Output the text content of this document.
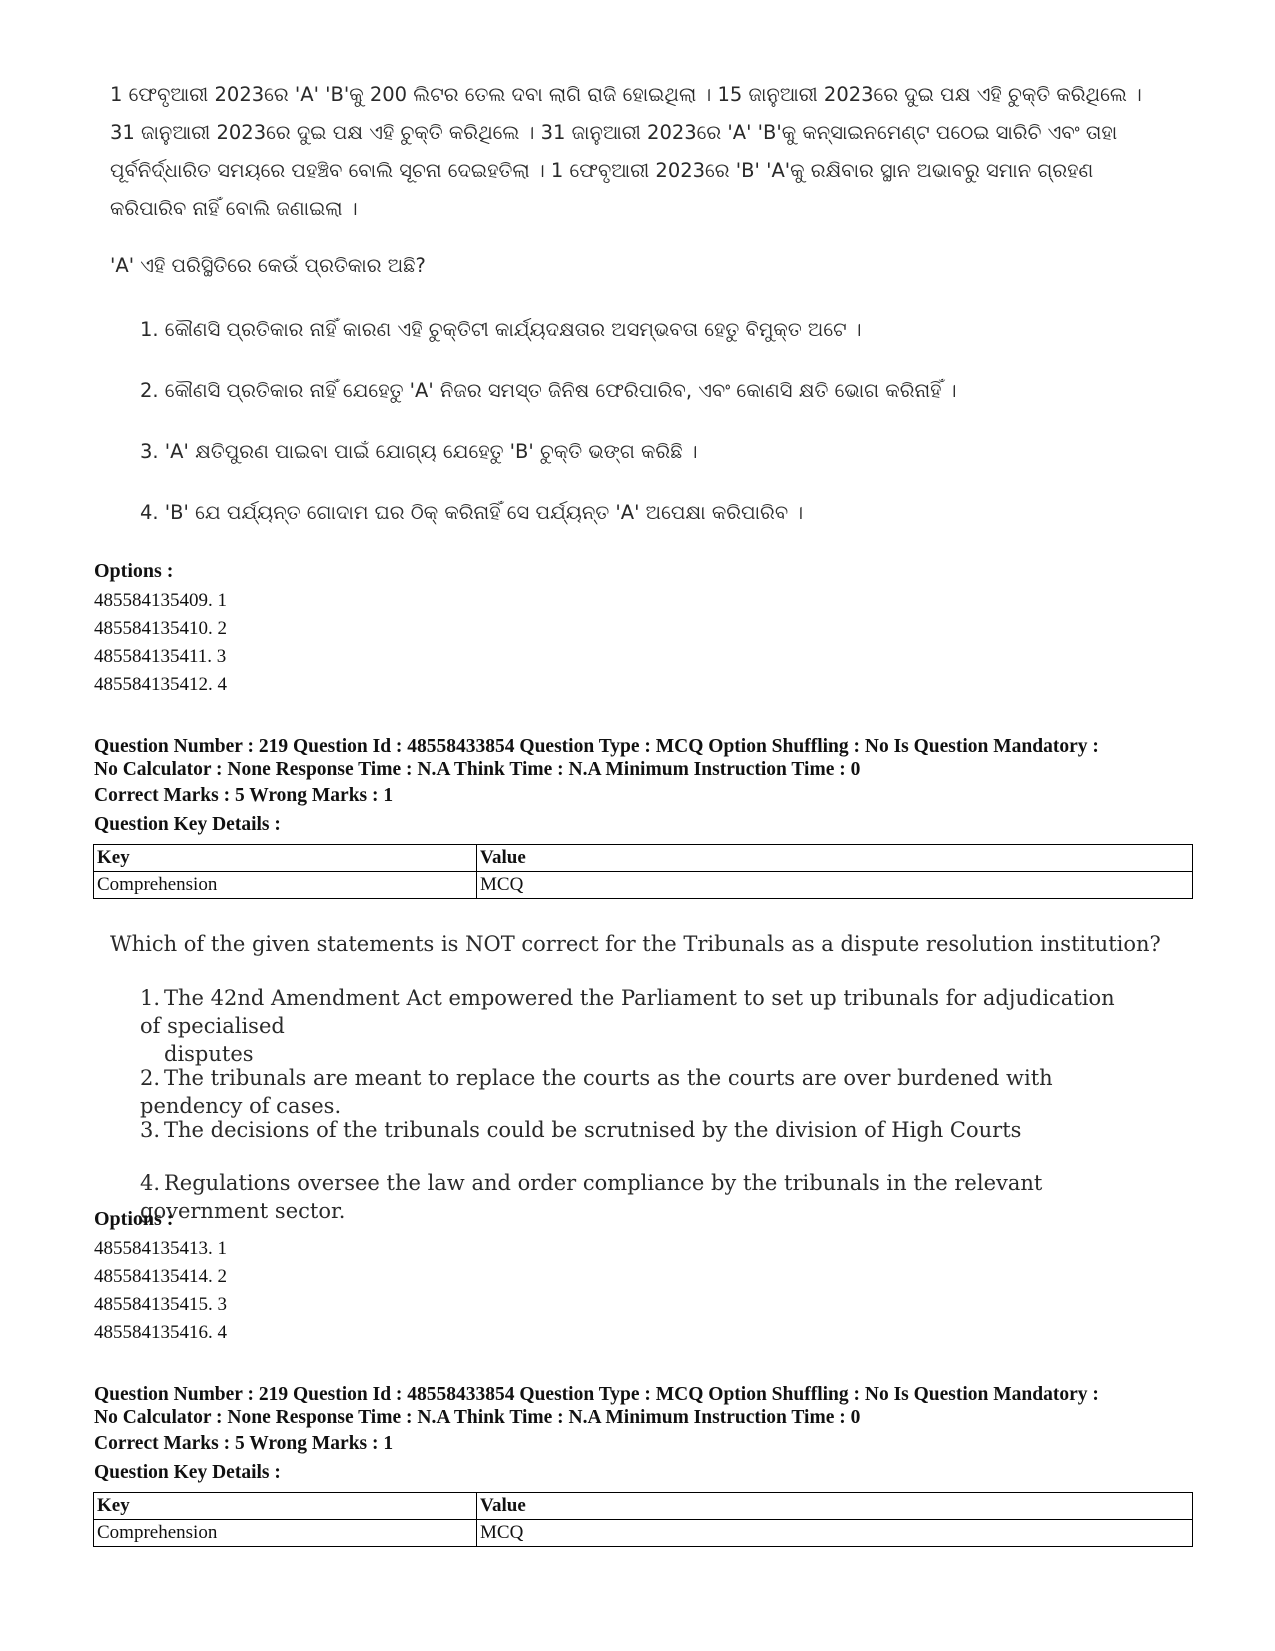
1 ଫେବୃଆରୀ 2023ରେ 'A' 'B'କୁ 200 ଲିଟର ତେଲ ଦବା ଲାଗି ରାଜି ହୋଇଥିଲା । 15 ଜାନୁଆରୀ 2023ରେ ଦୁଇ ପକ୍ଷ ଏହି ଚୁକ୍ତି କରିଥିଲେ । 31 ଜାନୁଆରୀ 2023ରେ ଦୁଇ ପକ୍ଷ ଏହି ଚୁକ୍ତି କରିଥିଲେ । 31 ଜାନୁଆରୀ 2023ରେ 'A' 'B'କୁ କନ୍‌ସାଇନମେଣ୍ଟ ପଠେଇ ସାରିଚି ଏବଂ ତାହା ପୂର୍ବନିର୍ଦ୍ଧାରିତ ସମୟରେ ପହଞ୍ଚିବ ବୋଲି ସୂଚନା ଦେଇହତିଲା । 1 ଫେବୃଆରୀ 2023ରେ 'B' 'A'କୁ ରକ୍ଷିବାର ସ୍ଥାନ ଅଭାବରୁ ସମାନ ଗ୍ରହଣ କରିପାରିବ ନାହିଁ ବୋଲି ଜଣାଇଲା ।
'A' ଏହି ପରିସ୍ଥିତିରେ କେଉଁ ପ୍ରତିକାର ଅଛି?
1. କୌଣସି ପ୍ରତିକାର ନାହିଁ କାରଣ ଏହି ଚୁକ୍ତିଟୀ କାର୍ଯ୍ୟଦକ୍ଷତାର ଅସମ୍ଭବତା ହେତୁ ବିମୁକ୍ତ ଅଟେ ।
2. କୌଣସି ପ୍ରତିକାର ନାହିଁ ଯେହେତୁ 'A' ନିଜର ସମସ୍ତ ଜିନିଷ ଫେରିପାରିବ, ଏବଂ କୋଣସି କ୍ଷତି ଭୋଗ କରିନାହିଁ ।
3. 'A' କ୍ଷତିପୁରଣ ପାଇବା ପାଇଁ ଯୋଗ୍ୟ ଯେହେତୁ 'B' ଚୁକ୍ତି ଭଙ୍ଗ କରିଛି ।
4. 'B' ଯେ ପର୍ଯ୍ୟନ୍ତ ଗୋଦାମ ଘର ଠିକ୍ କରିନାହିଁ ସେ ପର୍ଯ୍ୟନ୍ତ 'A' ଅପେକ୍ଷା କରିପାରିବ ।
Options :
485584135409. 1
485584135410. 2
485584135411. 3
485584135412. 4
Question Number : 219 Question Id : 48558433854 Question Type : MCQ Option Shuffling : No Is Question Mandatory :
No Calculator : None Response Time : N.A Think Time : N.A Minimum Instruction Time : 0
Correct Marks : 5 Wrong Marks : 1
Question Key Details :
Key	Value
Comprehension	MCQ
Which of the given statements is NOT correct for the Tribunals as a dispute resolution institution?
1. The 42nd Amendment Act empowered the Parliament to set up tribunals for adjudication of specialised
disputes
2. The tribunals are meant to replace the courts as the courts are over burdened with pendency of cases.
3. The decisions of the tribunals could be scrutnised by the division of High Courts
4. Regulations oversee the law and order compliance by the tribunals in the relevant government sector.
Options :
485584135413. 1
485584135414. 2
485584135415. 3
485584135416. 4
Question Number : 219 Question Id : 48558433854 Question Type : MCQ Option Shuffling : No Is Question Mandatory :
No Calculator : None Response Time : N.A Think Time : N.A Minimum Instruction Time : 0
Correct Marks : 5 Wrong Marks : 1
Question Key Details :
Key	Value
Comprehension	MCQ
